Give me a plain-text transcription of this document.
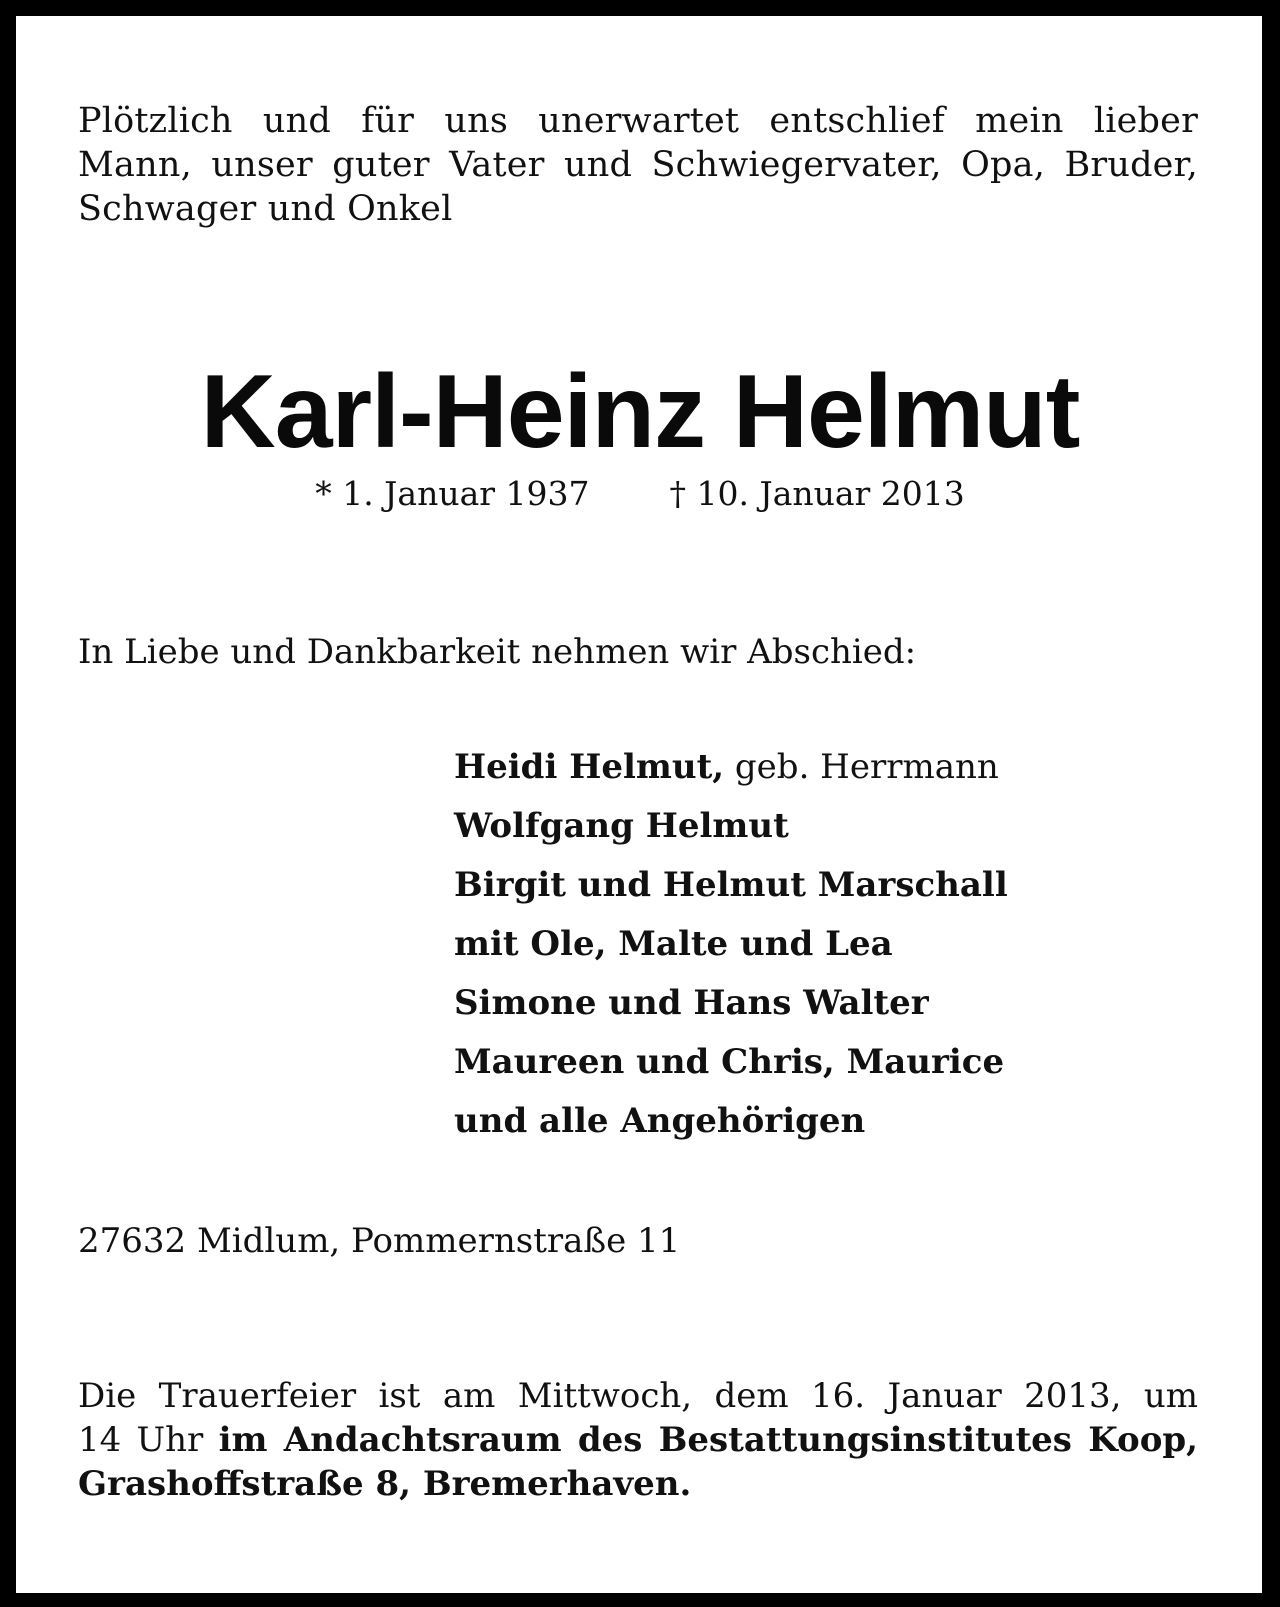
Plötzlich und für uns unerwartet entschlief mein lieber
Mann, unser guter Vater und Schwiegervater, Opa, Bruder,
Schwager und Onkel
Karl-Heinz Helmut
* 1. Januar 1937 † 10. Januar 2013
In Liebe und Dankbarkeit nehmen wir Abschied:
Heidi Helmut, geb. Herrmann
Wolfgang Helmut
Birgit und Helmut Marschall
mit Ole, Malte und Lea
Simone und Hans Walter
Maureen und Chris, Maurice
und alle Angehörigen
27632 Midlum, Pommernstraße 11
Die Trauerfeier ist am Mittwoch, dem 16. Januar 2013, um
14 Uhr im Andachtsraum des Bestattungsinstitutes Koop,
Grashoffstraße 8, Bremerhaven.
